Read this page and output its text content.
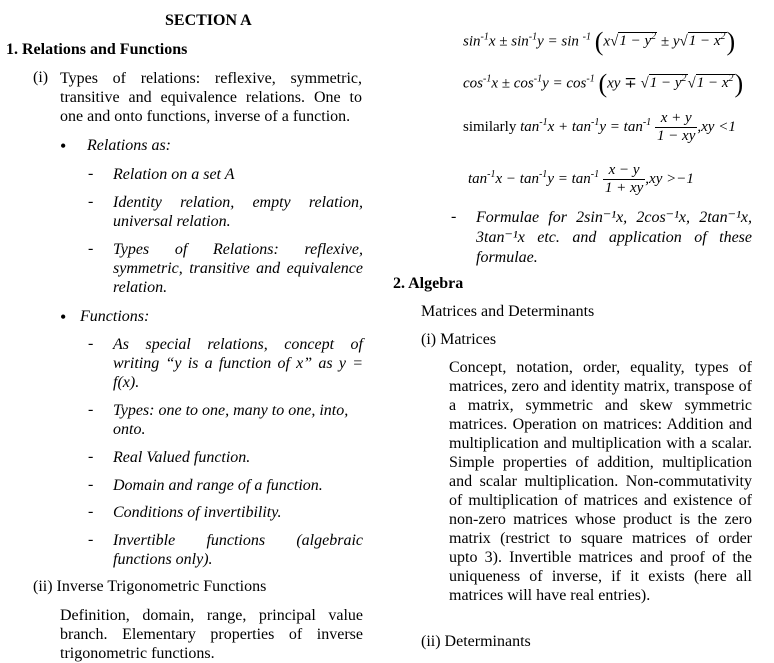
SECTION A
1. Relations and Functions
(i) Types of relations: reflexive, symmetric, transitive and equivalence relations. One to one and onto functions, inverse of a function.

• Relations as:
- Relation on a set A

- Identity relation, empty relation, universal relation.

- Types of Relations: reflexive, symmetric, transitive and equivalence relation.

• Functions:
- As special relations, concept of writing “y is a function of x” as y = f(x).

- Types: one to one, many to one, into, onto.

- Real Valued function.

- Domain and range of a function.

- Conditions of invertibility.

- Invertible functions (algebraic functions only).

(ii) Inverse Trigonometric Functions

Definition, domain, range, principal value branch. Elementary properties of inverse trigonometric functions.

$\sin^{-1}x \pm \sin^{-1}y = \sin ^{-1}$ $(x√1 - y^2 \pm y√1 - x^2)$
$\cos^{-1}x \pm \cos^{-1}y = \cos^{-1} (xy \mp √1 - y^2√1 - x^2)$
similarly $\tan^{-1}x + \tan^{-1}y = \tan^{-1} \frac{x + y}{1 - xy} ,xy <1$
$\tan^{-1}x - \tan^{-1}y = \tan^{-1} \frac{x - y}{1 + xy} ,xy >-1$
- Formulae for 2sin⁻¹x, 2cos⁻¹x, 2tan⁻¹x, 3tan⁻¹x etc. and application of these formulae.

2. Algebra
Matrices and Determinants
(i) Matrices

Concept, notation, order, equality, types of matrices, zero and identity matrix, transpose of a matrix, symmetric and skew symmetric matrices. Operation on matrices: Addition and multiplication and multiplication with a scalar. Simple properties of addition, multiplication and scalar multiplication. Non-commutativity of multiplication of matrices and existence of non-zero matrices whose product is the zero matrix (restrict to square matrices of order upto 3). Invertible matrices and proof of the uniqueness of inverse, if it exists (here all matrices will have real entries).

(ii) Determinants
